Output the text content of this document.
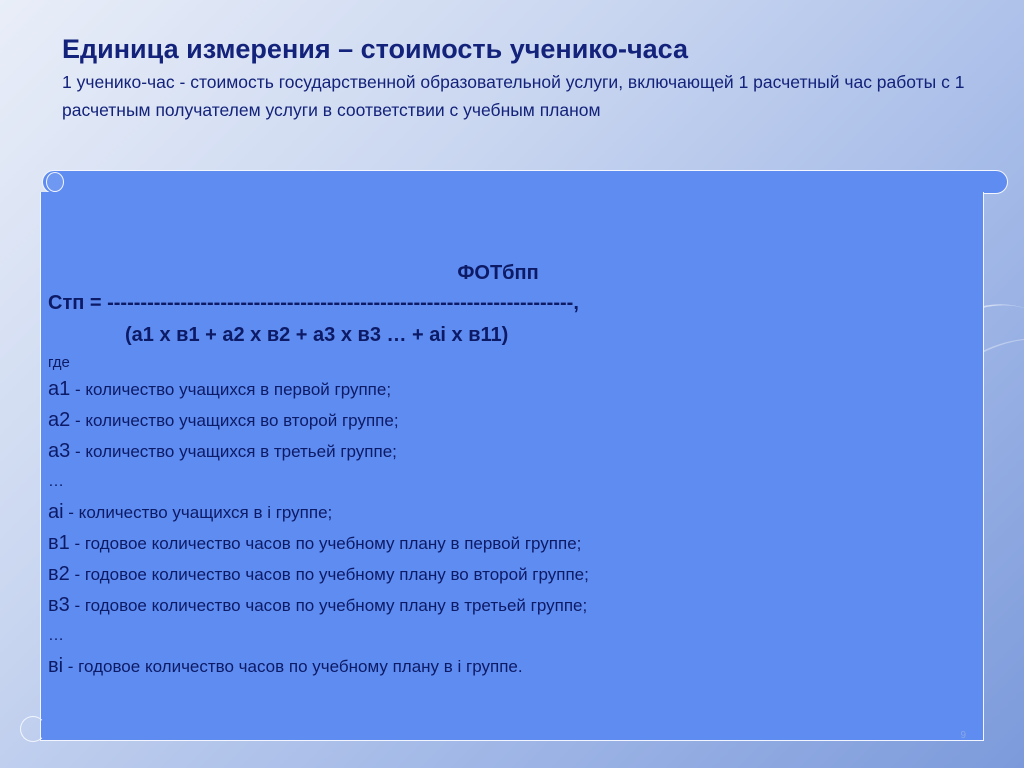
Единица измерения – стоимость ученико-часа

1 ученико-час - стоимость государственной образовательной услуги, включающей 1 расчетный час работы с 1 расчетным получателем услуги в соответствии с учебным планом

ФОТбпп
Стп = ----------------------------------------------------------------------,
(а1 х в1 + а2 х в2 + а3 х в3 … + аi х в11)
где
а1 - количество учащихся в первой группе;
а2 - количество учащихся во второй группе;
а3 - количество учащихся в третьей группе;
…
аi - количество учащихся в i группе;
в1 - годовое количество часов по учебному плану в первой группе;
в2 - годовое количество часов по учебному плану во второй группе;
в3 - годовое количество часов по учебному плану в третьей группе;
…
вi - годовое количество часов по учебному плану в i группе.
9
